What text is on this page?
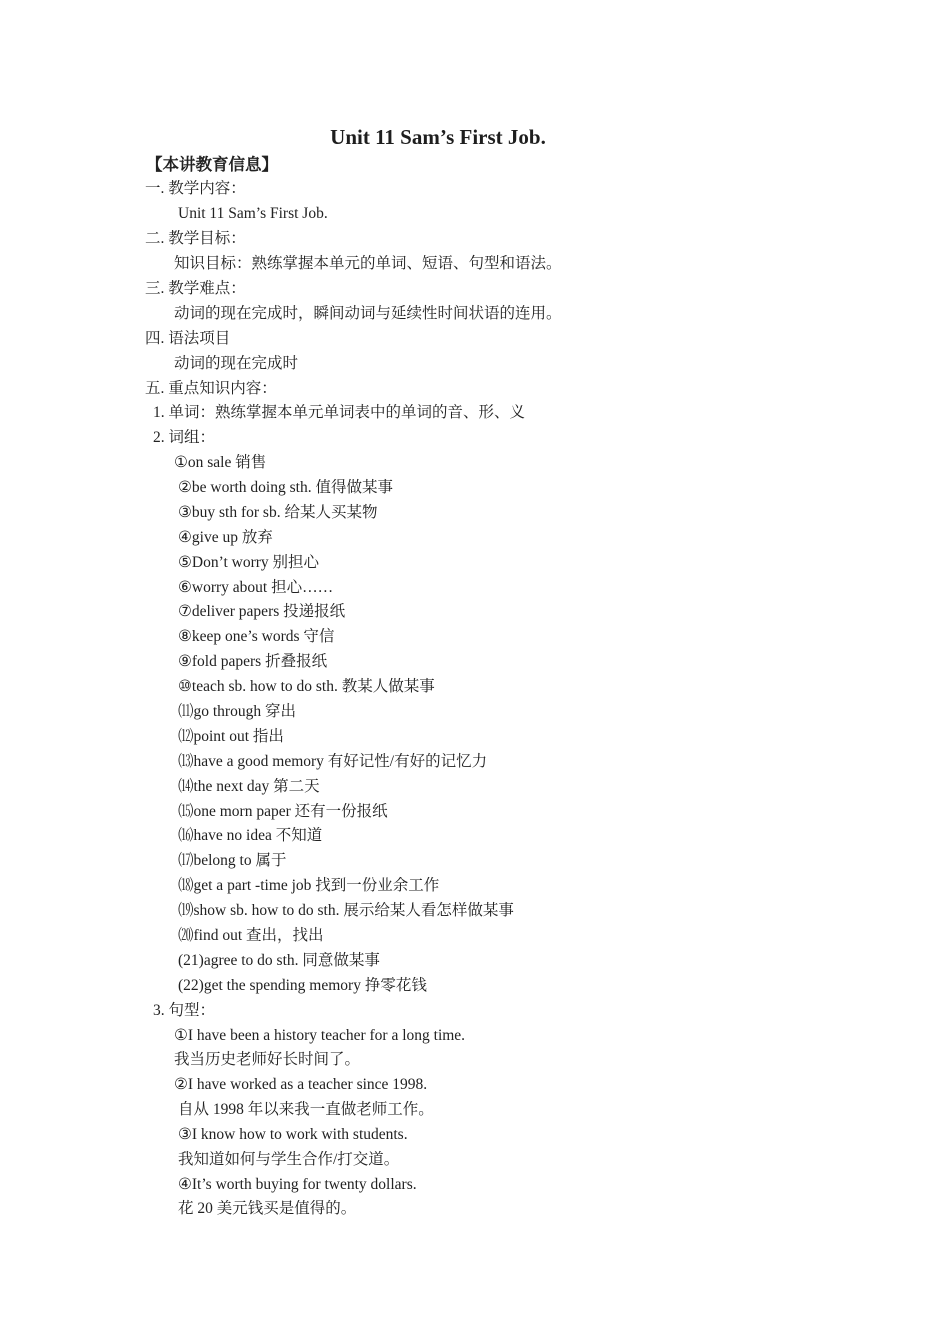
Unit 11 Sam’s First Job.
【本讲教育信息】
一. 教学内容：
Unit 11 Sam’s First Job.
二. 教学目标：
知识目标：熟练掌握本单元的单词、短语、句型和语法。
三. 教学难点：
动词的现在完成时，瞬间动词与延续性时间状语的连用。
四. 语法项目
动词的现在完成时
五. 重点知识内容：
1. 单词：熟练掌握本单元单词表中的单词的音、形、义
2. 词组：
①on sale 销售
②be worth doing sth. 值得做某事
③buy sth for sb. 给某人买某物
④give up 放弃
⑤Don’t worry 别担心
⑥worry about 担心……
⑦deliver papers 投递报纸
⑧keep one’s words 守信
⑨fold papers 折叠报纸
⑩teach sb. how to do sth. 教某人做某事
⑾go through 穿出
⑿point out 指出
⒀have a good memory 有好记性/有好的记忆力
⒁the next day 第二天
⒂one morn paper 还有一份报纸
⒃have no idea 不知道
⒄belong to 属于
⒅get a part -time job 找到一份业余工作
⒆show sb. how to do sth. 展示给某人看怎样做某事
⒇find out 查出，找出
(21)agree to do sth. 同意做某事
(22)get the spending memory 挣零花钱
3. 句型：
①I have been a history teacher for a long time.
我当历史老师好长时间了。
②I have worked as a teacher since 1998.
自从 1998 年以来我一直做老师工作。
③I know how to work with students.
我知道如何与学生合作/打交道。
④It’s worth buying for twenty dollars.
花 20 美元钱买是值得的。
